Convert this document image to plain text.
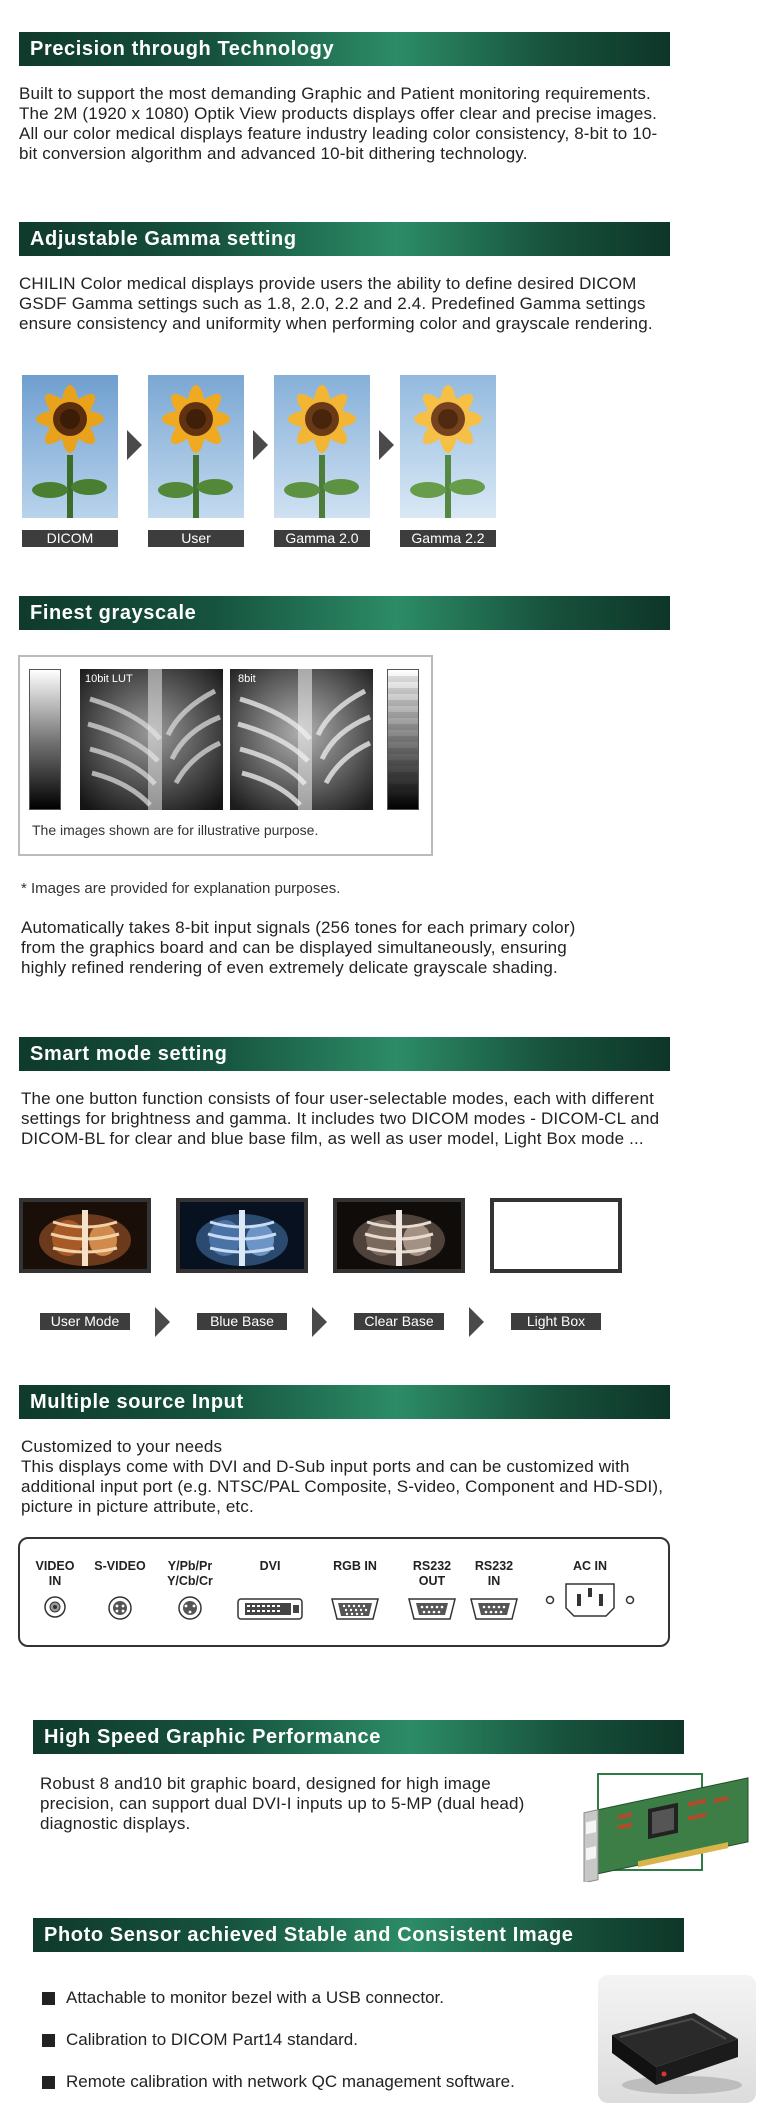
Precision through Technology
Built to support the most demanding Graphic and Patient monitoring requirements. The 2M (1920 x 1080) Optik View products displays offer clear and precise images. All our color medical displays feature industry leading color consistency, 8-bit to 10-bit conversion algorithm and advanced 10-bit dithering technology.
Adjustable Gamma setting
CHILIN Color medical displays provide users the ability to define desired DICOM GSDF Gamma settings such as 1.8, 2.0, 2.2 and 2.4. Predefined Gamma settings ensure consistency and uniformity when performing color and grayscale rendering.
DICOM	User	Gamma 2.0	Gamma 2.2
Finest grayscale
10bit LUT	8bit
The images shown are for illustrative purpose.
* Images are provided for explanation purposes.
Automatically takes 8-bit input signals (256 tones for each primary color) from the graphics board and can be displayed simultaneously, ensuring highly refined rendering of even extremely delicate grayscale shading.
Smart mode setting
The one button function consists of four user-selectable modes, each with different settings for brightness and gamma. It includes two DICOM modes - DICOM-CL and DICOM-BL for clear and blue base film, as well as user model, Light Box mode ...
User Mode	Blue Base	Clear Base	Light Box
Multiple source Input
Customized to your needs
This displays come with DVI and D-Sub input ports and can be customized with additional input port (e.g. NTSC/PAL Composite, S-video, Component and HD-SDI), picture in picture attribute, etc.
VIDEO
IN
S-VIDEO	Y/Pb/Pr
Y/Cb/Cr
DVI	RGB IN	RS232
OUT
RS232
IN
AC IN
High Speed Graphic Performance
Robust 8 and10 bit graphic board, designed for high image precision, can support dual DVI-I inputs up to 5-MP (dual head) diagnostic displays.
Photo Sensor achieved Stable and Consistent Image
Attachable to monitor bezel with a USB connector.
Calibration to DICOM Part14 standard.
Remote calibration with network QC management software.
